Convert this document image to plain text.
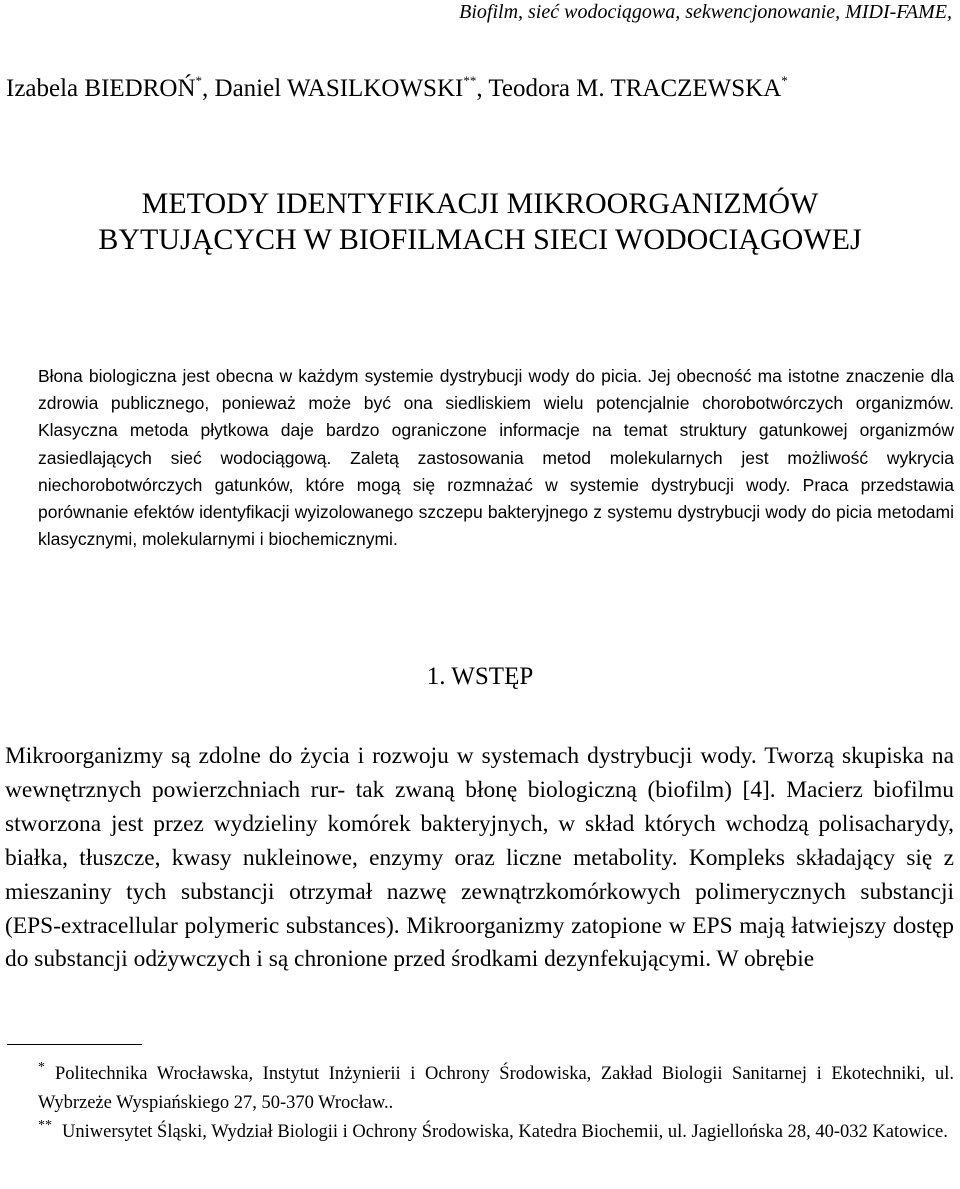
Biofilm, sieć wodociągowa, sekwencjonowanie, MIDI-FAME,

Izabela BIEDROŃ*, Daniel WASILKOWSKI**, Teodora M. TRACZEWSKA*

METODY IDENTYFIKACJI MIKROORGANIZMÓW
BYTUJĄCYCH W BIOFILMACH SIECI WODOCIĄGOWEJ

Błona biologiczna jest obecna w każdym systemie dystrybucji wody do picia. Jej obecność ma istotne znaczenie dla zdrowia publicznego, ponieważ może być ona siedliskiem wielu potencjalnie chorobotwórczych organizmów. Klasyczna metoda płytkowa daje bardzo ograniczone informacje na temat struktury gatunkowej organizmów zasiedlających sieć wodociągową. Zaletą zastosowania metod molekularnych jest możliwość wykrycia niechorobotwórczych gatunków, które mogą się rozmnażać w systemie dystrybucji wody. Praca przedstawia porównanie efektów identyfikacji wyizolowanego szczepu bakteryjnego z systemu dystrybucji wody do picia metodami klasycznymi, molekularnymi i biochemicznymi.

1. WSTĘP

Mikroorganizmy są zdolne do życia i rozwoju w systemach dystrybucji wody. Tworzą skupiska na wewnętrznych powierzchniach rur- tak zwaną błonę biologiczną (biofilm) [4]. Macierz biofilmu stworzona jest przez wydzieliny komórek bakteryjnych, w skład których wchodzą polisacharydy, białka, tłuszcze, kwasy nukleinowe, enzymy oraz liczne metabolity. Kompleks składający się z mieszaniny tych substancji otrzymał nazwę zewnątrzkomórkowych polimerycznych substancji (EPS-extracellular polymeric substances). Mikroorganizmy zatopione w EPS mają łatwiejszy dostęp do substancji odżywczych i są chronione przed środkami dezynfekującymi. W obrębie

* Politechnika Wrocławska, Instytut Inżynierii i Ochrony Środowiska, Zakład Biologii Sanitarnej i Ekotechniki, ul. Wybrzeże Wyspiańskiego 27, 50-370 Wrocław..

** Uniwersytet Śląski, Wydział Biologii i Ochrony Środowiska, Katedra Biochemii, ul. Jagiellońska 28, 40-032 Katowice.
